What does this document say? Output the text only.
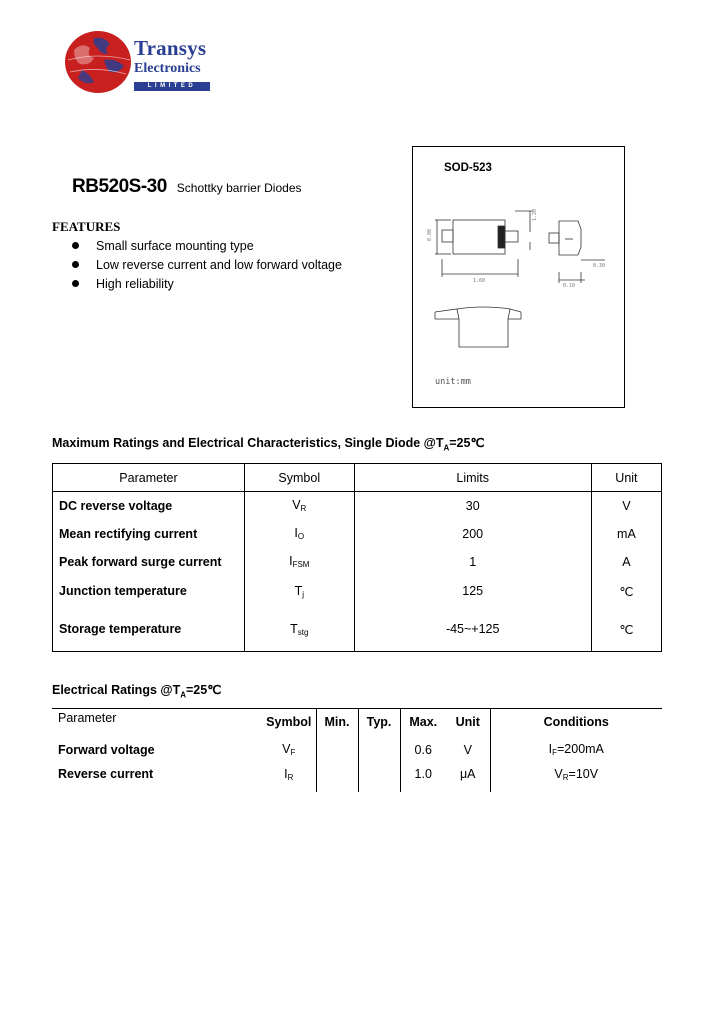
Transys
Electronics
LIMITED
RB520S-30 Schottky barrier Diodes
FEATURES
Small surface mounting type
Low reverse current and low forward voltage
High reliability
0.80
1.20
1.60
0.30
0.10
SOD-523
unit:mm
Maximum Ratings and Electrical Characteristics, Single Diode $@T_A=25℃$
Parameter	Symbol	Limits	Unit
DC reverse voltage	$V_R$	30	V
Mean rectifying current	$I_O$	200	mA
Peak forward surge current	$I_{FSM}$	1	A
Junction temperature	$T_j$	125	℃
Storage temperature	$T_{stg}$	-45~+125	℃
Electrical Ratings $@T_A=25℃$
Parameter	Symbol	Min.	Typ.	Max.	Unit	Conditions
Forward voltage	$V_F$			0.6	V	$I_F=200mA$
Reverse current	$I_R$			1.0	μA	$V_R=10V$
